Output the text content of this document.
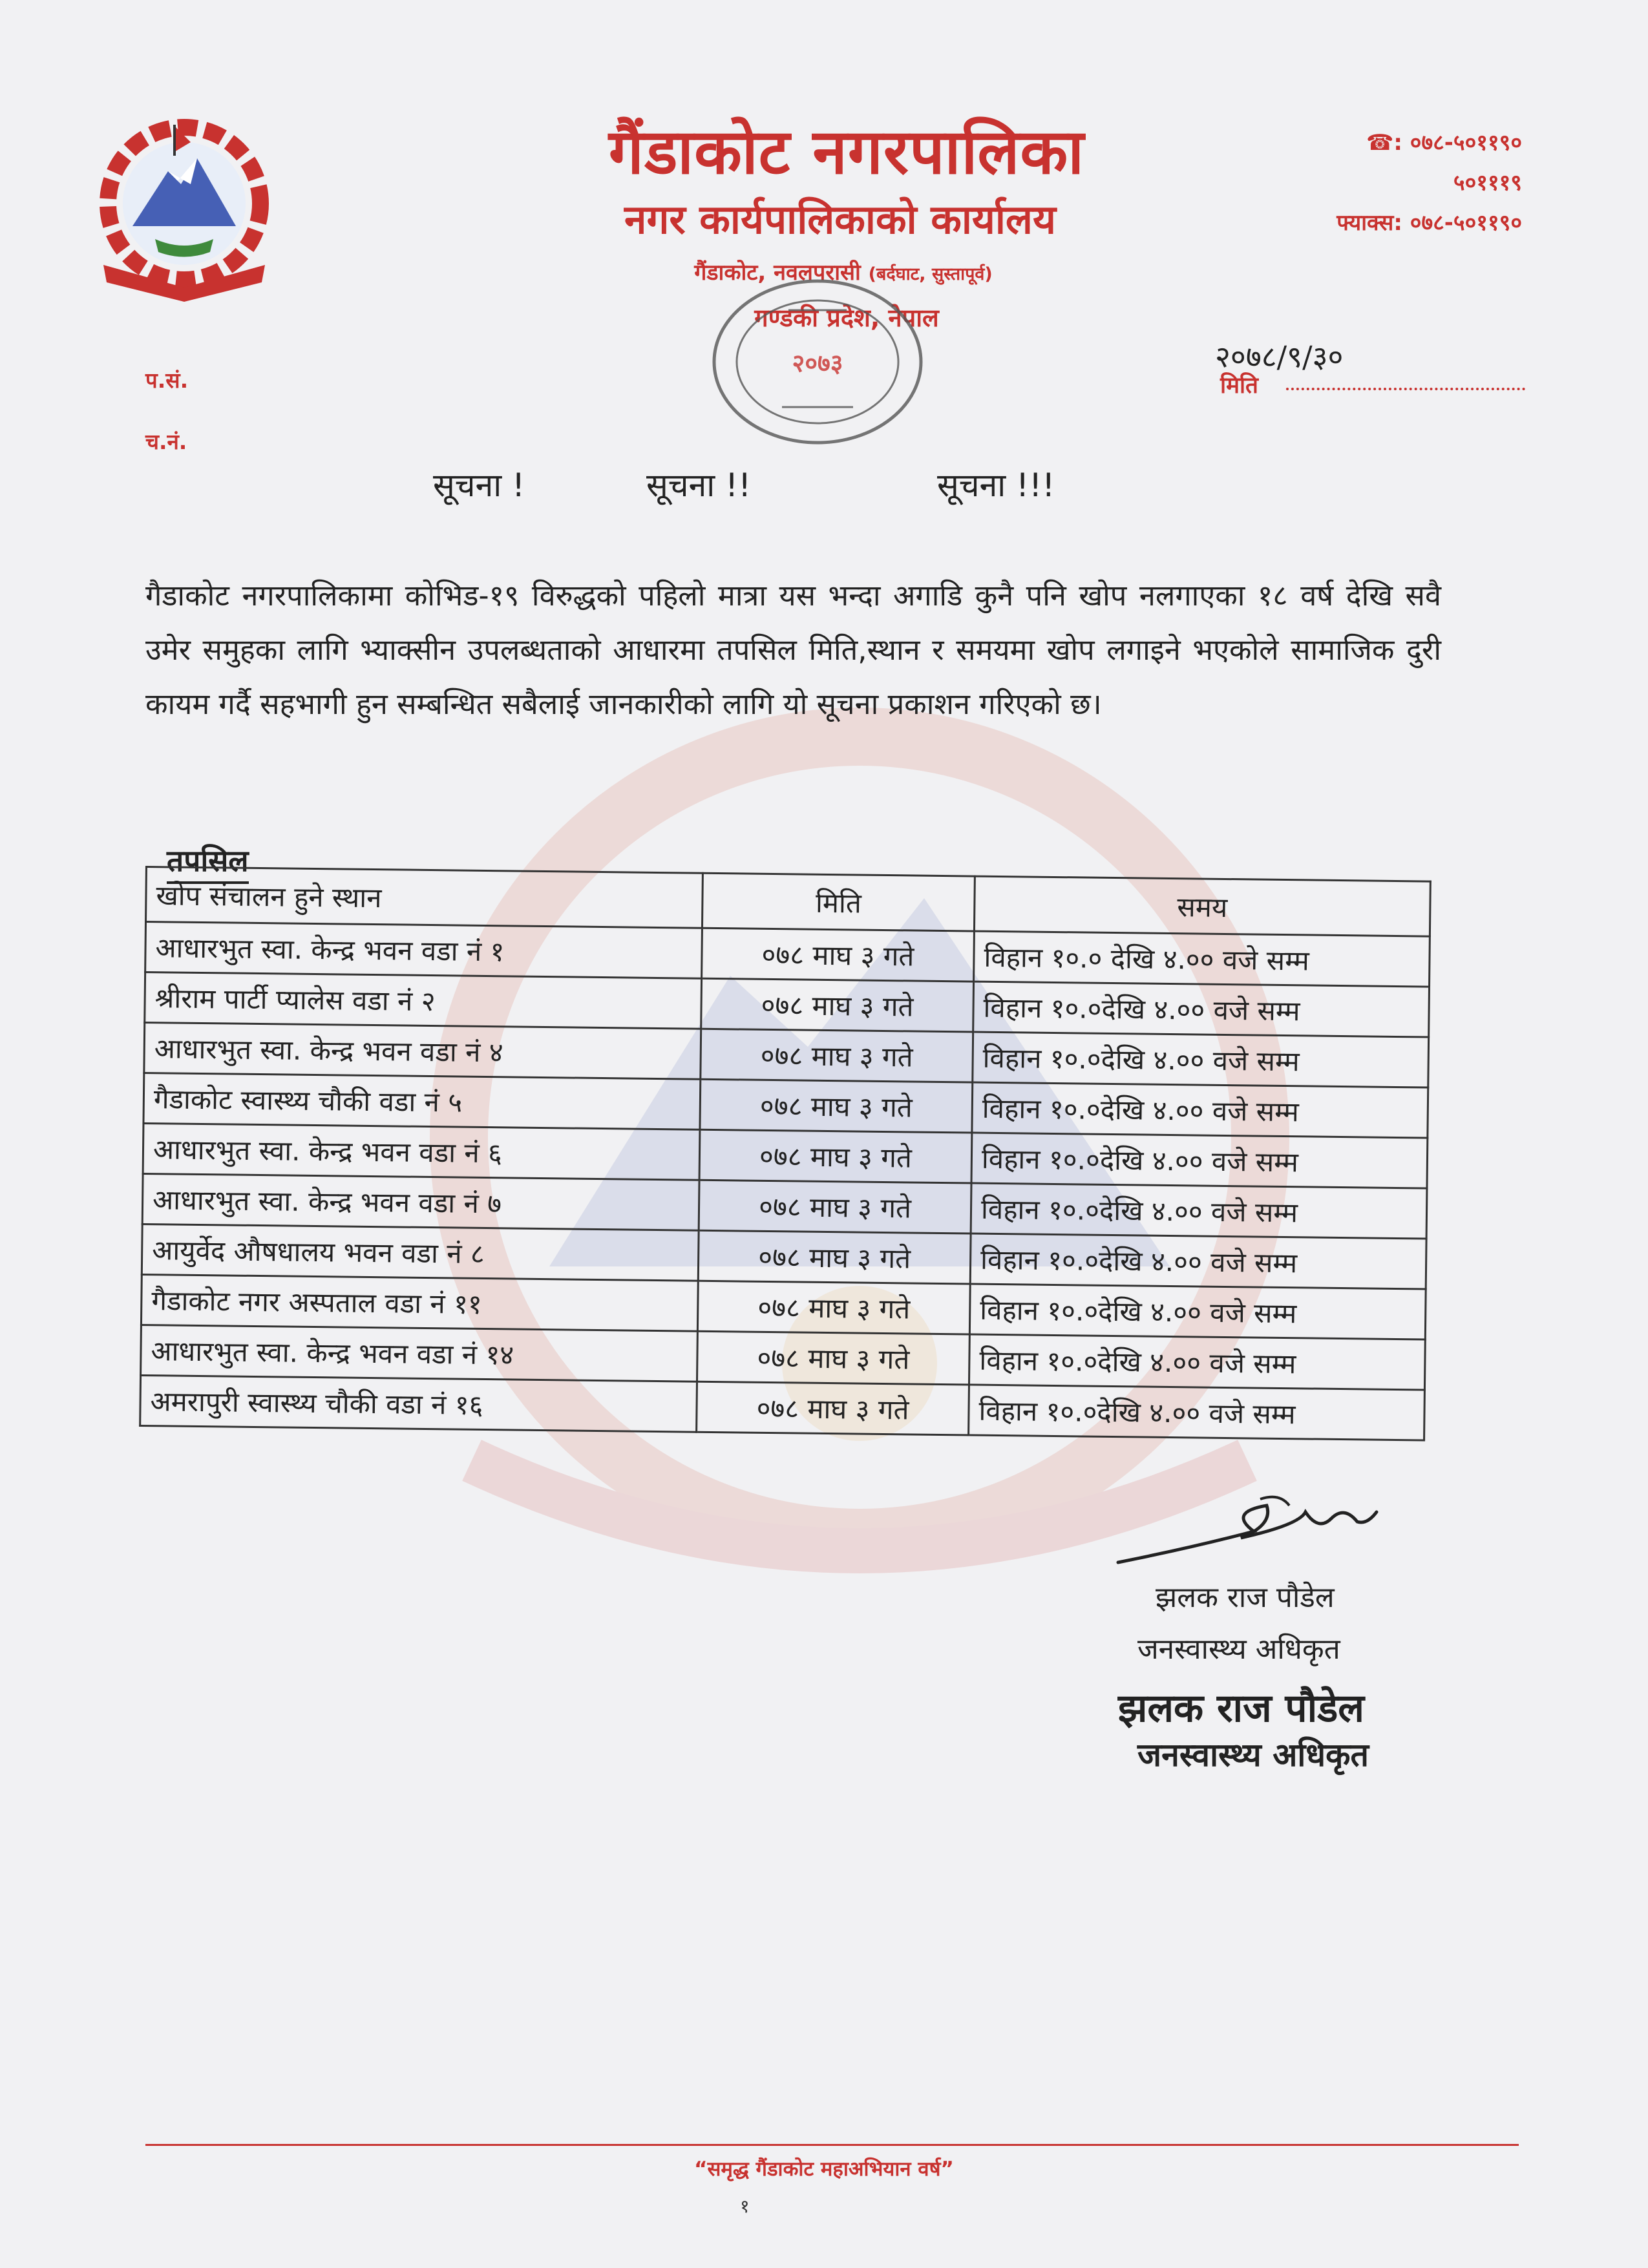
गैंडाकोट नगरपालिका
नगर कार्यपालिकाको कार्यालय
गैंडाकोट, नवलपरासी (बर्दघाट, सुस्तापूर्व)
गण्डकी प्रदेश, नेपाल
२०७३
☎: ०७८-५०११९०
५०१११९
फ्याक्स: ०७८-५०११९०
प.सं.
च.नं.
२०७८/९/३०
मिति
सूचना !	सूचना !!	सूचना !!!
गैडाकोट नगरपालिकामा कोभिड-१९ विरुद्धको पहिलो मात्रा यस भन्दा अगाडि कुनै पनि खोप नलगाएका १८ वर्ष देखि सवै उमेर समुहका लागि भ्याक्सीन उपलब्धताको आधारमा तपसिल मिति,स्थान र समयमा खोप लगाइने भएकोले सामाजिक दुरी कायम गर्दै सहभागी हुन सम्बन्धित सबैलाई जानकारीको लागि यो सूचना प्रकाशन गरिएको छ।
तपसिल
खोप संचालन हुने स्थान	मिति	समय
आधारभुत स्वा. केन्द्र भवन वडा नं १	०७८ माघ ३ गते	विहान १०.० देखि ४.०० वजे सम्म
श्रीराम पार्टी प्यालेस वडा नं २	०७८ माघ ३ गते	विहान १०.०देखि ४.०० वजे सम्म
आधारभुत स्वा. केन्द्र भवन वडा नं ४	०७८ माघ ३ गते	विहान १०.०देखि ४.०० वजे सम्म
गैडाकोट स्वास्थ्य चौकी वडा नं ५	०७८ माघ ३ गते	विहान १०.०देखि ४.०० वजे सम्म
आधारभुत स्वा. केन्द्र भवन वडा नं ६	०७८ माघ ३ गते	विहान १०.०देखि ४.०० वजे सम्म
आधारभुत स्वा. केन्द्र भवन वडा नं ७	०७८ माघ ३ गते	विहान १०.०देखि ४.०० वजे सम्म
आयुर्वेद औषधालय भवन वडा नं ८	०७८ माघ ३ गते	विहान १०.०देखि ४.०० वजे सम्म
गैडाकोट नगर अस्पताल वडा नं ११	०७८ माघ ३ गते	विहान १०.०देखि ४.०० वजे सम्म
आधारभुत स्वा. केन्द्र भवन वडा नं १४	०७८ माघ ३ गते	विहान १०.०देखि ४.०० वजे सम्म
अमरापुरी स्वास्थ्य चौकी वडा नं १६	०७८ माघ ३ गते	विहान १०.०देखि ४.०० वजे सम्म
झलक राज पौडेल
जनस्वास्थ्य अधिकृत
झलक राज पौडेल
जनस्वास्थ्य अधिकृत
“समृद्ध गैंडाकोट महाअभियान वर्ष”
१
